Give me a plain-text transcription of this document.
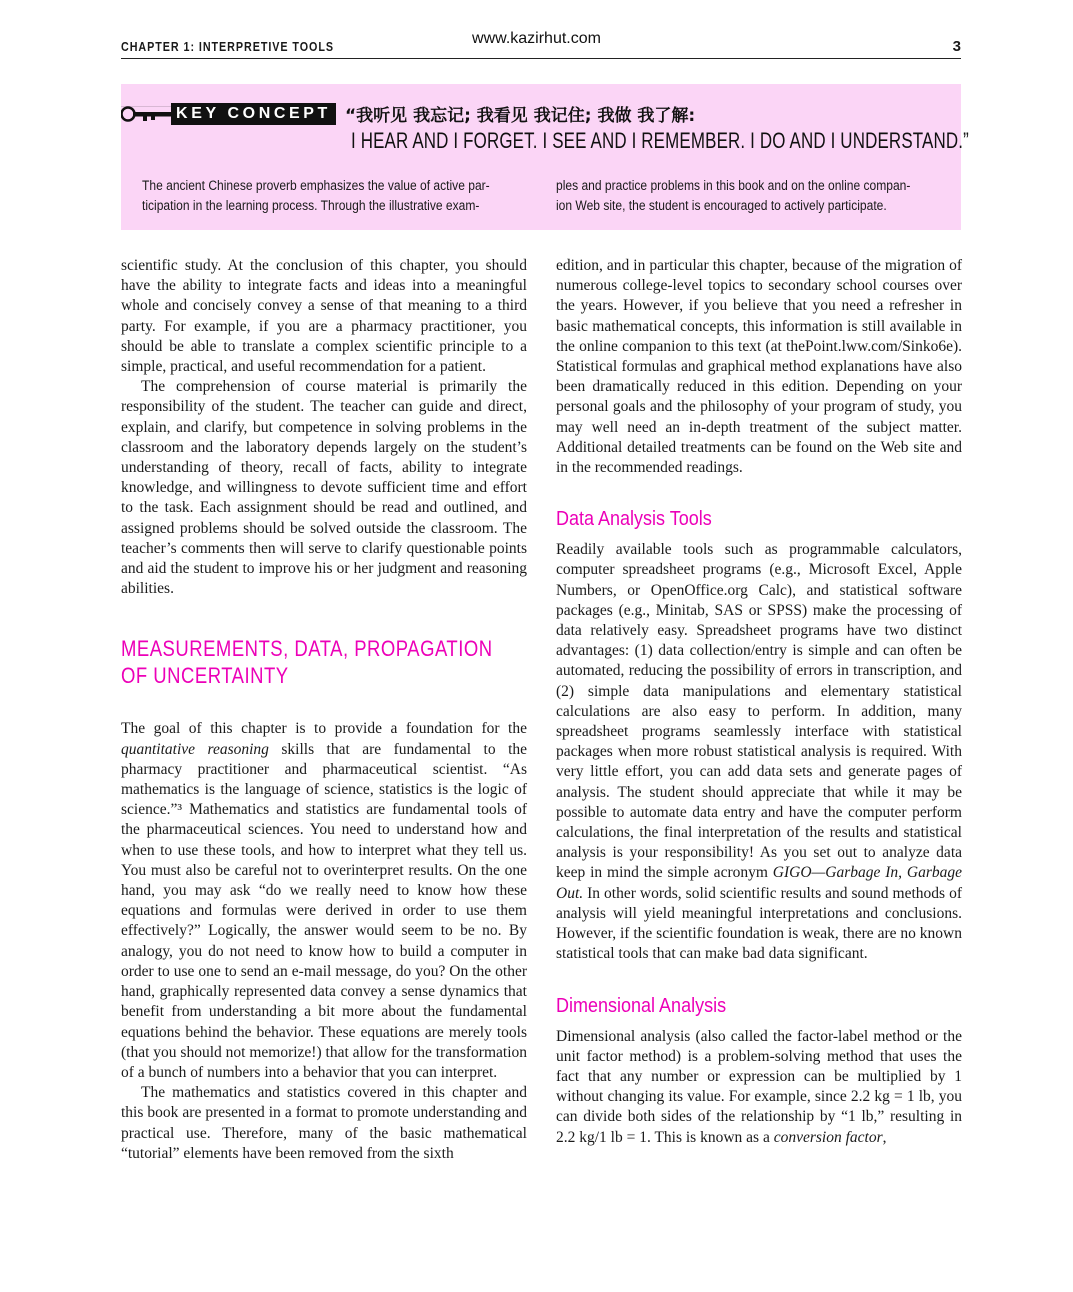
www.kazirhut.com
CHAPTER 1: INTERPRETIVE TOOLS	3
KEY CONCEPT “我听见 我忘记; 我看见 我记住; 我做 我了解:
I HEAR AND I FORGET. I SEE AND I REMEMBER. I DO AND I UNDERSTAND.”
The ancient Chinese proverb emphasizes the value of active par-
ticipation in the learning process. Through the illustrative exam-
ples and practice problems in this book and on the online compan-
ion Web site, the student is encouraged to actively participate.

scientific study. At the conclusion of this chapter, you should have the ability to integrate facts and ideas into a meaningful whole and concisely convey a sense of that meaning to a third party. For example, if you are a pharmacy practitioner, you should be able to translate a complex scientific principle to a simple, practical, and useful recommendation for a patient.

The comprehension of course material is primarily the responsibility of the student. The teacher can guide and direct, explain, and clarify, but competence in solving problems in the classroom and the laboratory depends largely on the student’s understanding of theory, recall of facts, ability to integrate knowledge, and willingness to devote sufficient time and effort to the task. Each assignment should be read and outlined, and assigned problems should be solved outside the classroom. The teacher’s comments then will serve to clarify questionable points and aid the student to improve his or her judgment and reasoning abilities.

MEASUREMENTS, DATA, PROPAGATION OF UNCERTAINTY

The goal of this chapter is to provide a foundation for the quantitative reasoning skills that are fundamental to the pharmacy practitioner and pharmaceutical scientist. “As mathematics is the language of science, statistics is the logic of science.”³ Mathematics and statistics are fundamental tools of the pharmaceutical sciences. You need to understand how and when to use these tools, and how to interpret what they tell us. You must also be careful not to overinterpret results. On the one hand, you may ask “do we really need to know how these equations and formulas were derived in order to use them effectively?” Logically, the answer would seem to be no. By analogy, you do not need to know how to build a computer in order to use one to send an e-mail message, do you? On the other hand, graphically represented data convey a sense dynamics that benefit from understanding a bit more about the fundamental equations behind the behavior. These equations are merely tools (that you should not memorize!) that allow for the transformation of a bunch of numbers into a behavior that you can interpret.

The mathematics and statistics covered in this chapter and this book are presented in a format to promote understanding and practical use. Therefore, many of the basic mathematical “tutorial” elements have been removed from the sixth

edition, and in particular this chapter, because of the migration of numerous college-level topics to secondary school courses over the years. However, if you believe that you need a refresher in basic mathematical concepts, this information is still available in the online companion to this text (at thePoint.lww.com/Sinko6e). Statistical formulas and graphical method explanations have also been dramatically reduced in this edition. Depending on your personal goals and the philosophy of your program of study, you may well need an in-depth treatment of the subject matter. Additional detailed treatments can be found on the Web site and in the recommended readings.

Data Analysis Tools

Readily available tools such as programmable calculators, computer spreadsheet programs (e.g., Microsoft Excel, Apple Numbers, or OpenOffice.org Calc), and statistical software packages (e.g., Minitab, SAS or SPSS) make the processing of data relatively easy. Spreadsheet programs have two distinct advantages: (1) data collection/entry is simple and can often be automated, reducing the possibility of errors in transcription, and (2) simple data manipulations and elementary statistical calculations are also easy to perform. In addition, many spreadsheet programs seamlessly interface with statistical packages when more robust statistical analysis is required. With very little effort, you can add data sets and generate pages of analysis. The student should appreciate that while it may be possible to automate data entry and have the computer perform calculations, the final interpretation of the results and statistical analysis is your responsibility! As you set out to analyze data keep in mind the simple acronym GIGO—Garbage In, Garbage Out. In other words, solid scientific results and sound methods of analysis will yield meaningful interpretations and conclusions. However, if the scientific foundation is weak, there are no known statistical tools that can make bad data significant.

Dimensional Analysis

Dimensional analysis (also called the factor-label method or the unit factor method) is a problem-solving method that uses the fact that any number or expression can be multiplied by 1 without changing its value. For example, since 2.2 kg = 1 lb, you can divide both sides of the relationship by “1 lb,” resulting in 2.2 kg/1 lb = 1. This is known as a conversion factor,
